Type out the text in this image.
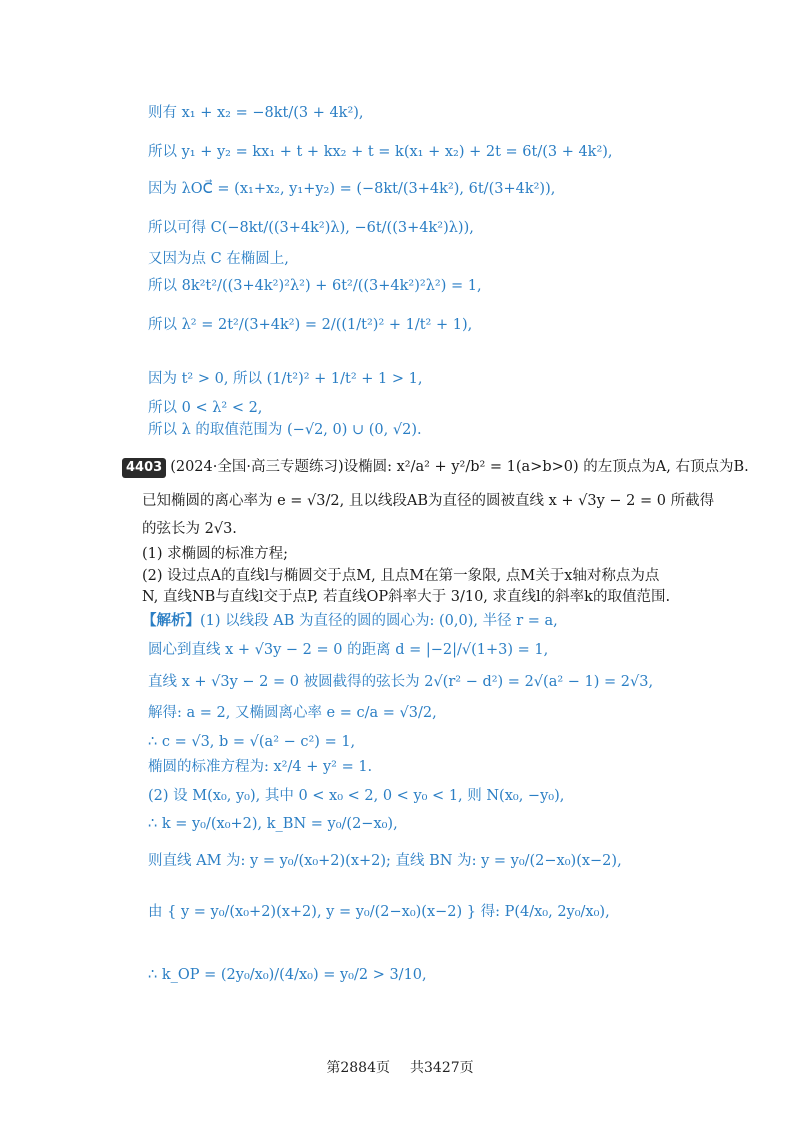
则有 x₁ + x₂ = −8kt/(3 + 4k²),
所以 y₁ + y₂ = kx₁ + t + kx₂ + t = k(x₁ + x₂) + 2t = 6t/(3 + 4k²),
因为 λOC⃗ = (x₁+x₂, y₁+y₂) = (−8kt/(3+4k²), 6t/(3+4k²)),
所以可得 C(−8kt/((3+4k²)λ), −6t/((3+4k²)λ)),
又因为点 C 在椭圆上,
所以 8k²t²/((3+4k²)²λ²) + 6t²/((3+4k²)²λ²) = 1,
所以 λ² = 2t²/(3+4k²) = 2/((1/t²)² + 1/t² + 1),
因为 t² > 0, 所以 (1/t²)² + 1/t² + 1 > 1,
所以 0 < λ² < 2,
所以 λ 的取值范围为 (−√2, 0) ∪ (0, √2).
4403 (2024·全国·高三专题练习)设椭圆: x²/a² + y²/b² = 1(a>b>0) 的左顶点为A, 右顶点为B.
已知椭圆的离心率为 e = √3/2, 且以线段AB为直径的圆被直线 x + √3y − 2 = 0 所截得
的弦长为 2√3.
(1) 求椭圆的标准方程;
(2) 设过点A的直线l与椭圆交于点M, 且点M在第一象限, 点M关于x轴对称点为点
N, 直线NB与直线l交于点P, 若直线OP斜率大于 3/10, 求直线l的斜率k的取值范围.
【解析】(1) 以线段 AB 为直径的圆的圆心为: (0,0), 半径 r = a,
圆心到直线 x + √3y − 2 = 0 的距离 d = |−2|/√(1+3) = 1,
直线 x + √3y − 2 = 0 被圆截得的弦长为 2√(r² − d²) = 2√(a² − 1) = 2√3,
解得: a = 2, 又椭圆离心率 e = c/a = √3/2,
∴ c = √3, b = √(a² − c²) = 1,
椭圆的标准方程为: x²/4 + y² = 1.
(2) 设 M(x₀, y₀), 其中 0 < x₀ < 2, 0 < y₀ < 1, 则 N(x₀, −y₀),
∴ k = y₀/(x₀+2), k_BN = y₀/(2−x₀),
则直线 AM 为: y = y₀/(x₀+2)(x+2); 直线 BN 为: y = y₀/(2−x₀)(x−2),
由 { y = y₀/(x₀+2)(x+2), y = y₀/(2−x₀)(x−2) } 得: P(4/x₀, 2y₀/x₀),
∴ k_OP = (2y₀/x₀)/(4/x₀) = y₀/2 > 3/10,
第2884页 共3427页
